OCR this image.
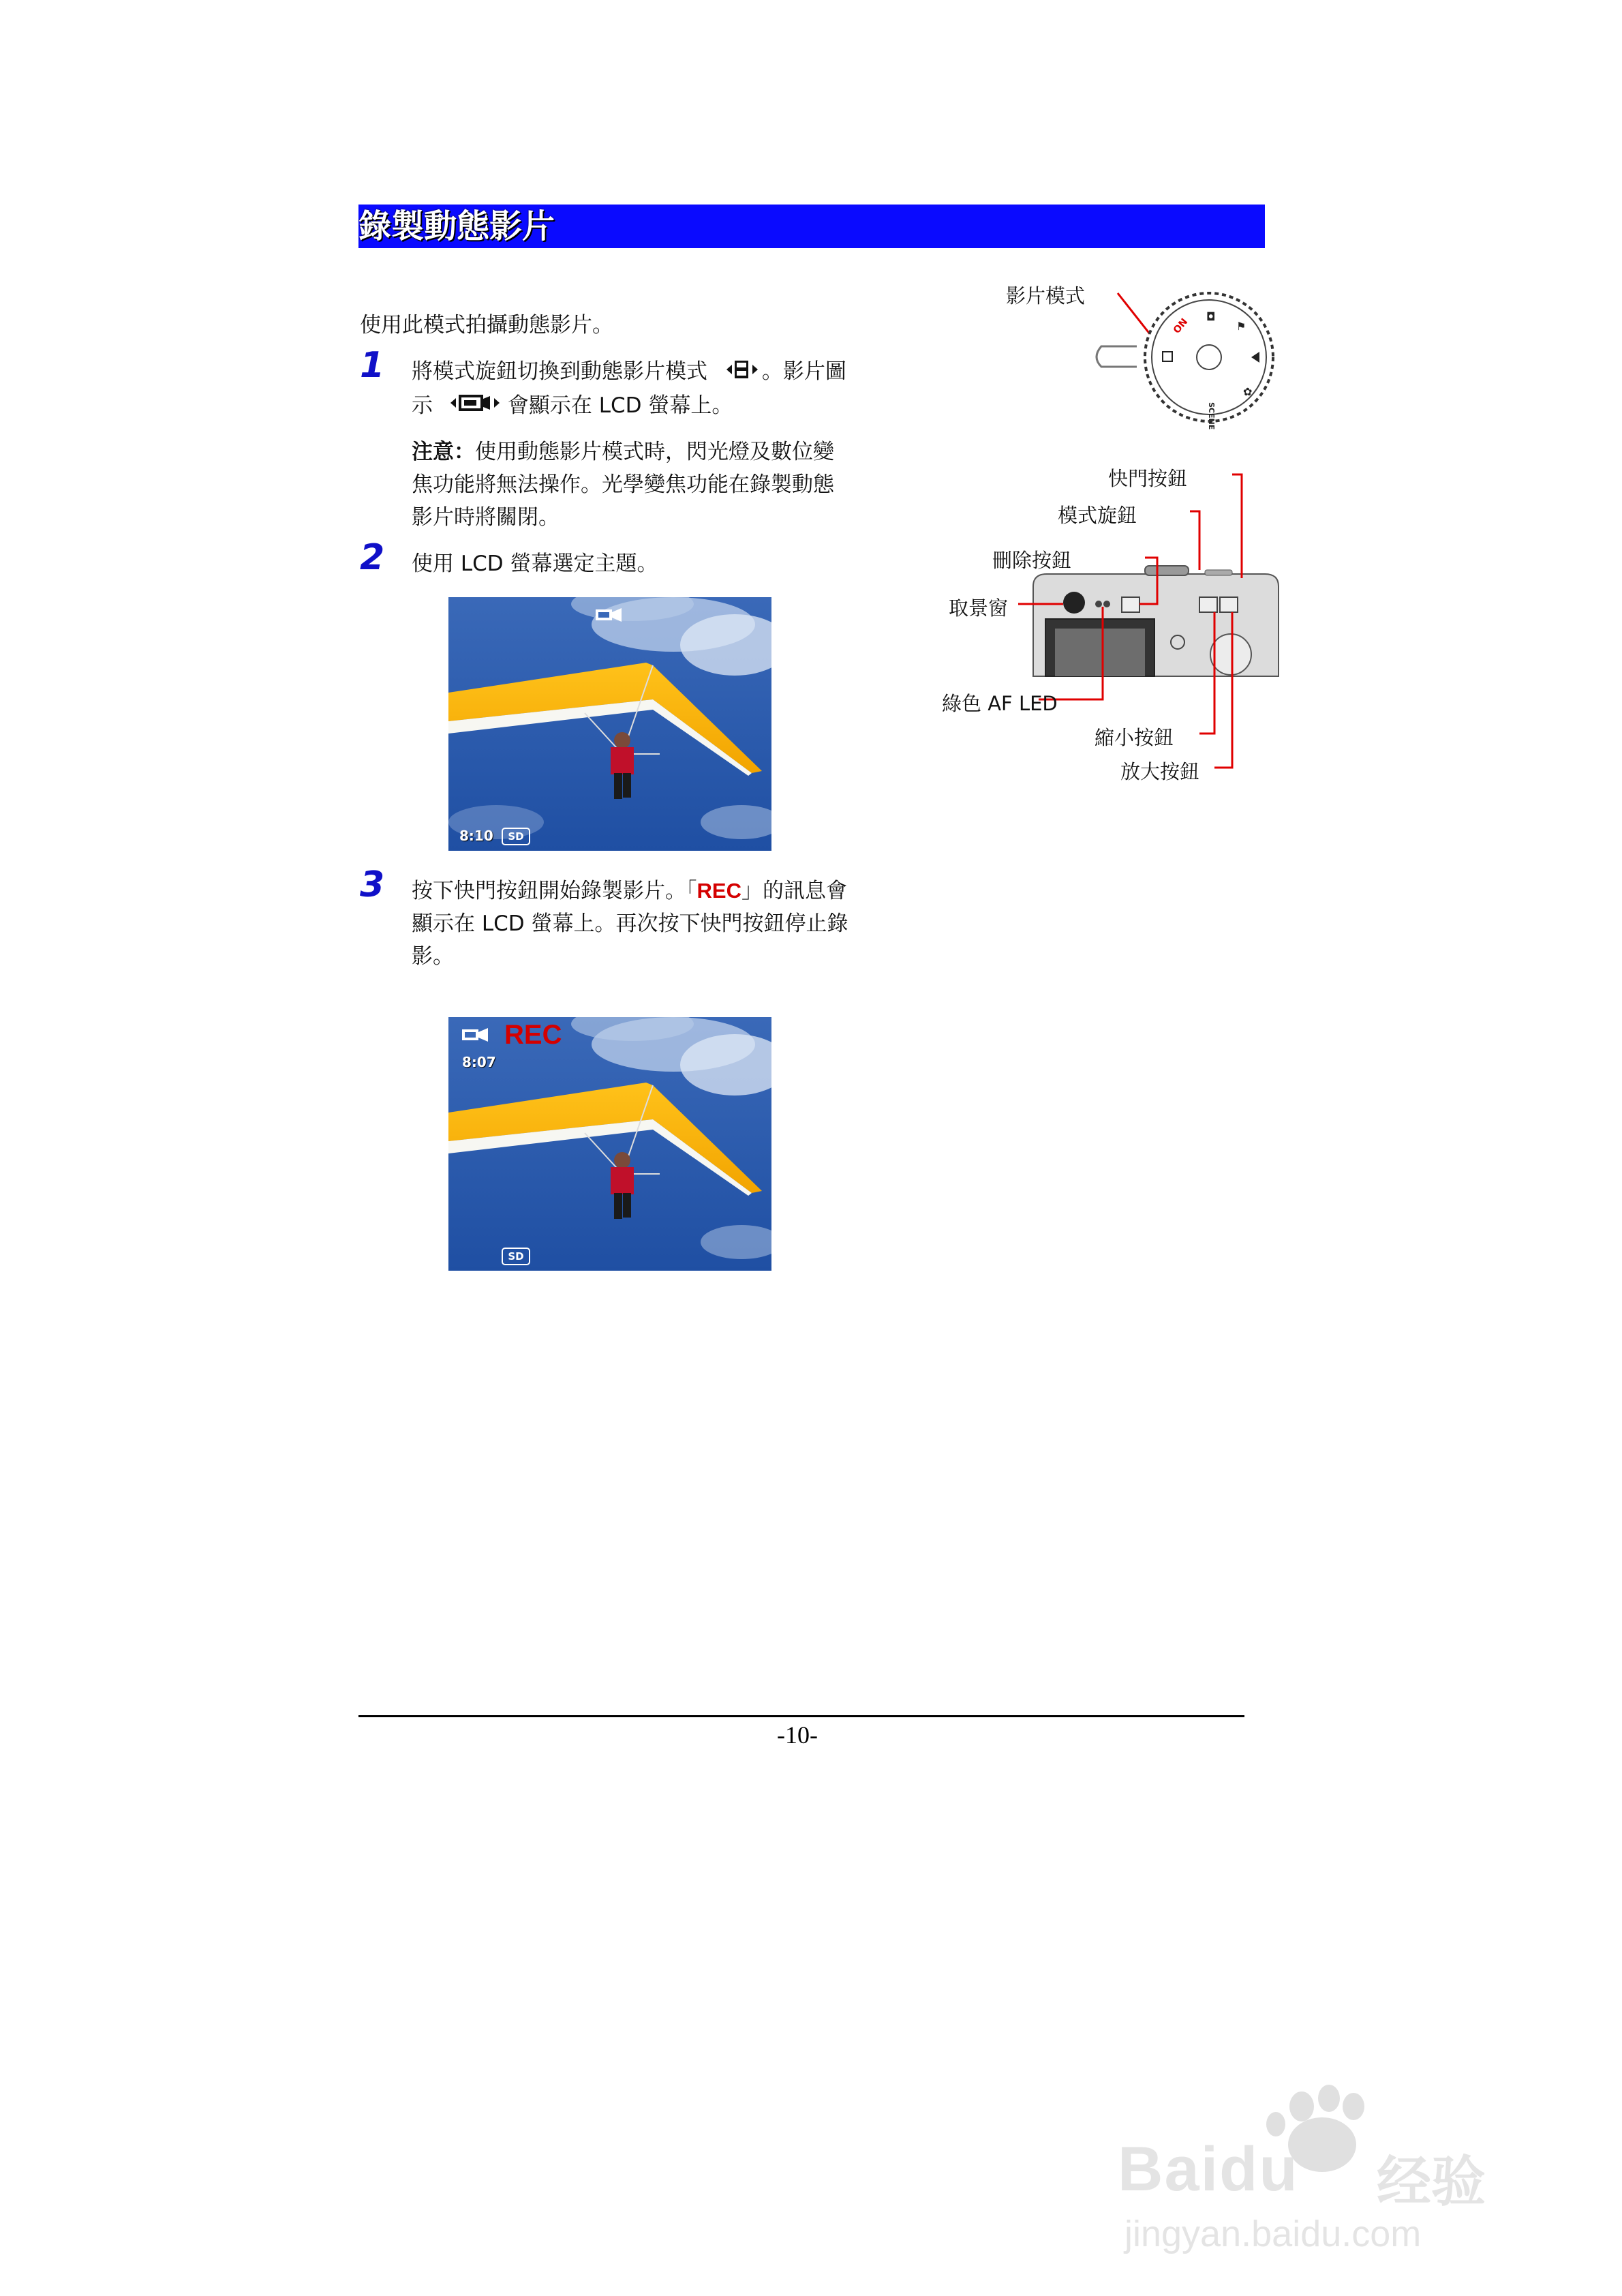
錄製動態影片
使用此模式拍攝動態影片。
1 將模式旋鈕切換到動態影片模式	。影片圖
示	會顯示在 LCD 螢幕上。
注意：使用動態影片模式時，閃光燈及數位變
焦功能將無法操作。光學變焦功能在錄製動態
影片時將關閉。
2 使用 LCD 螢幕選定主題。
8:10	SD
3 按下快門按鈕開始錄製影片。「REC」的訊息會
顯示在 LCD 螢幕上。再次按下快門按鈕停止錄
影。
REC
8:07
SD
影片模式
ON ◘
⚑
✿
SCENE
快門按鈕
模式旋鈕
刪除按鈕
取景窗
綠色 AF LED
縮小按鈕
放大按鈕
-10-
Baidu 经验
jingyan.baidu.com
